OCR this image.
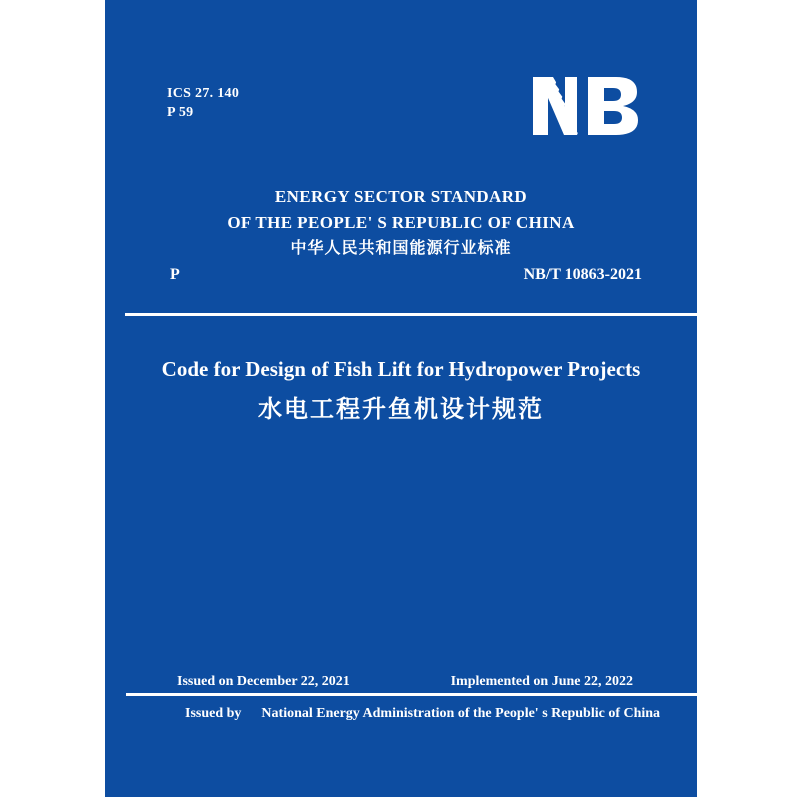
ICS 27. 140
P 59
ENERGY SECTOR STANDARD
OF THE PEOPLE' S REPUBLIC OF CHINA
中华人民共和国能源行业标准
P	NB/T 10863-2021
Code for Design of Fish Lift for Hydropower Projects
水电工程升鱼机设计规范
Issued on December 22, 2021	Implemented on June 22, 2022
Issued by National Energy Administration of the People' s Republic of China
